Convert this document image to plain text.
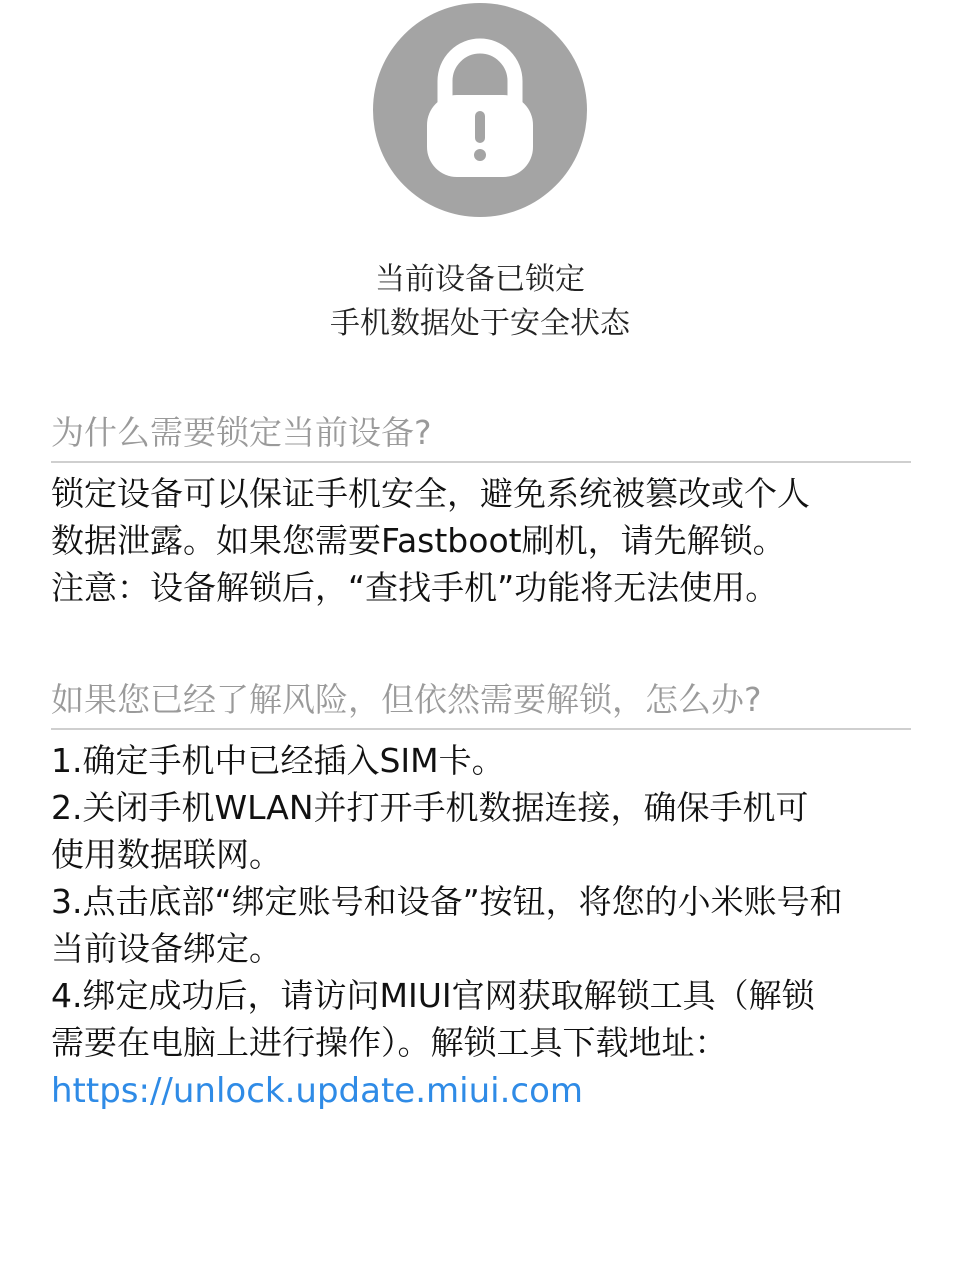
当前设备已锁定
手机数据处于安全状态
为什么需要锁定当前设备?
锁定设备可以保证手机安全，避免系统被篡改或个人
数据泄露。如果您需要Fastboot刷机，请先解锁。
注意：设备解锁后，“查找手机”功能将无法使用。
如果您已经了解风险，但依然需要解锁，怎么办?
1.确定手机中已经插入SIM卡。
2.关闭手机WLAN并打开手机数据连接，确保手机可
使用数据联网。
3.点击底部“绑定账号和设备”按钮，将您的小米账号和
当前设备绑定。
4.绑定成功后，请访问MIUI官网获取解锁工具（解锁
需要在电脑上进行操作）。解锁工具下载地址：
https://unlock.update.miui.com
